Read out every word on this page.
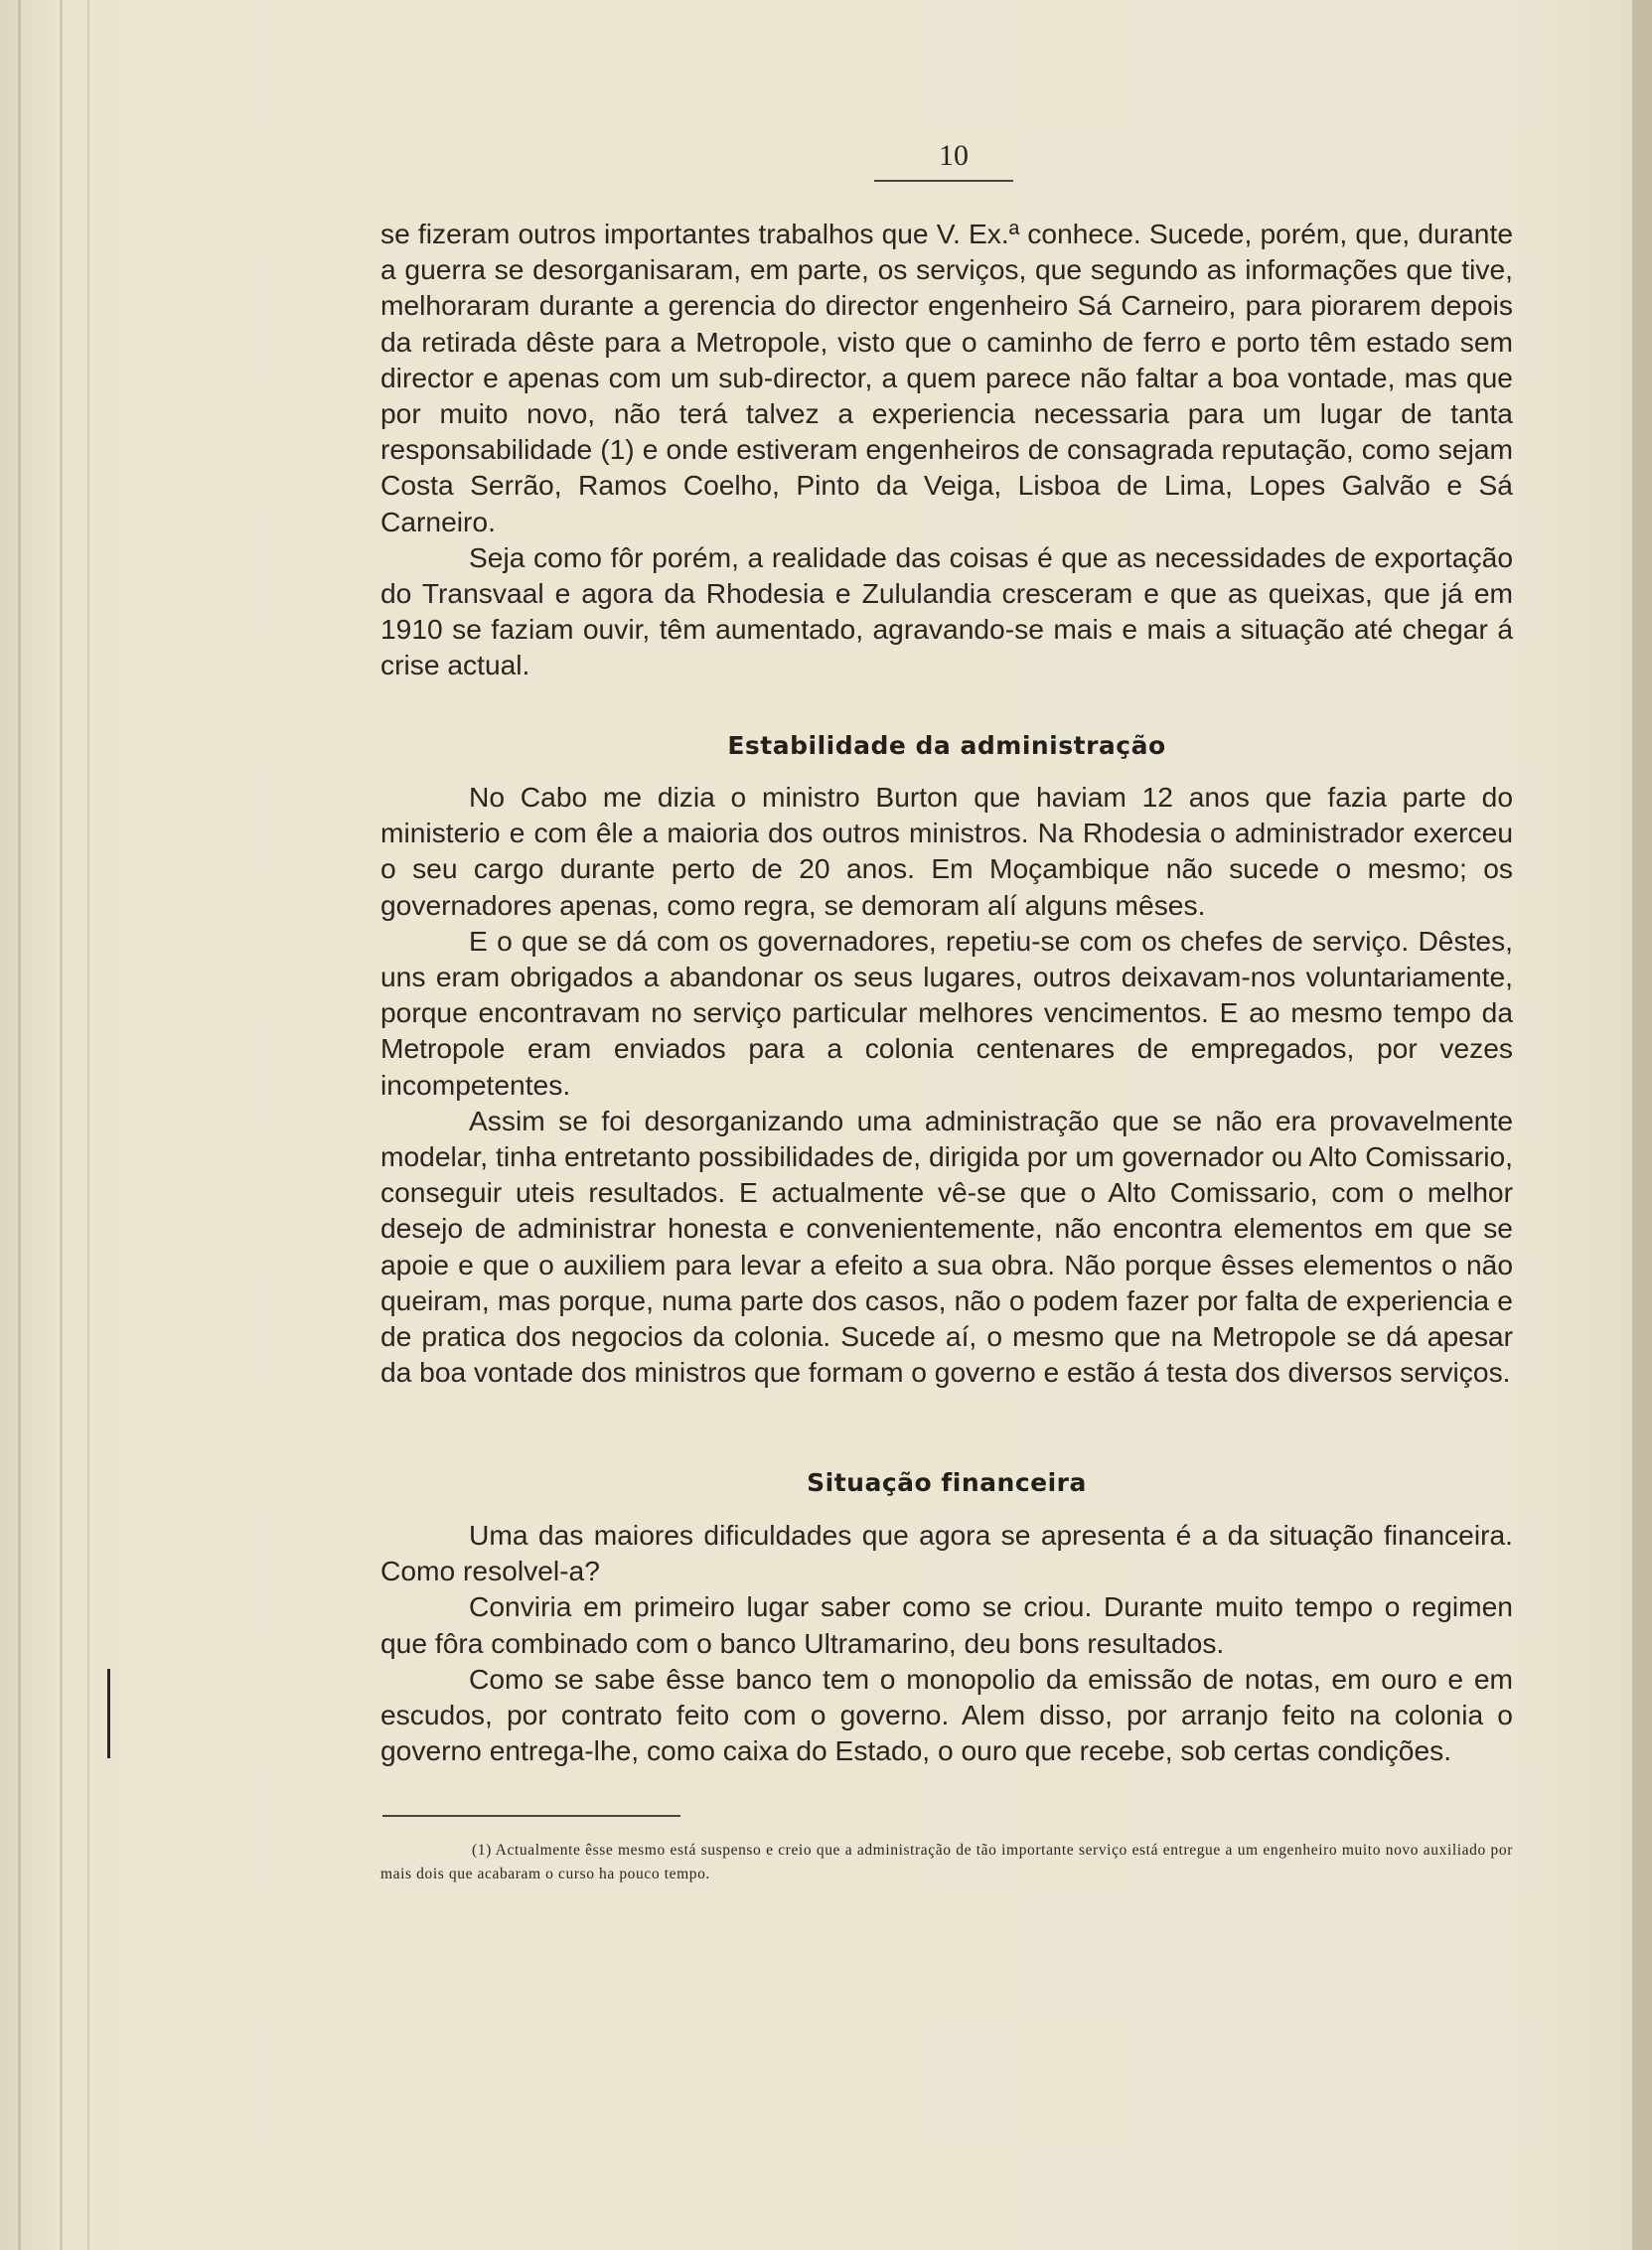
10

se fizeram outros importantes trabalhos que V. Ex.ª conhece. Sucede, porém, que, durante a guerra se desorganisaram, em parte, os serviços, que segundo as informações que tive, melhoraram durante a gerencia do director engenheiro Sá Carneiro, para piorarem depois da retirada dêste para a Metropole, visto que o caminho de ferro e porto têm estado sem director e apenas com um sub-director, a quem parece não faltar a boa vontade, mas que por muito novo, não terá talvez a experiencia necessaria para um lugar de tanta responsabilidade (1) e onde estiveram engenheiros de consagrada reputação, como sejam Costa Serrão, Ramos Coelho, Pinto da Veiga, Lisboa de Lima, Lopes Galvão e Sá Carneiro.

Seja como fôr porém, a realidade das coisas é que as necessidades de exportação do Transvaal e agora da Rhodesia e Zululandia cresceram e que as queixas, que já em 1910 se faziam ouvir, têm aumentado, agravando-se mais e mais a situação até chegar á crise actual.

Estabilidade da administração

No Cabo me dizia o ministro Burton que haviam 12 anos que fazia parte do ministerio e com êle a maioria dos outros ministros. Na Rhodesia o administrador exerceu o seu cargo durante perto de 20 anos. Em Moçambique não sucede o mesmo; os governadores apenas, como regra, se demoram alí alguns mêses.

E o que se dá com os governadores, repetiu-se com os chefes de serviço. Dêstes, uns eram obrigados a abandonar os seus lugares, outros deixavam-nos voluntariamente, porque encontravam no serviço particular melhores vencimentos. E ao mesmo tempo da Metropole eram enviados para a colonia centenares de empregados, por vezes incompetentes.

Assim se foi desorganizando uma administração que se não era provavelmente modelar, tinha entretanto possibilidades de, dirigida por um governador ou Alto Comissario, conseguir uteis resultados. E actualmente vê-se que o Alto Comissario, com o melhor desejo de administrar honesta e convenientemente, não encontra elementos em que se apoie e que o auxiliem para levar a efeito a sua obra. Não porque êsses elementos o não queiram, mas porque, numa parte dos casos, não o podem fazer por falta de experiencia e de pratica dos negocios da colonia. Sucede aí, o mesmo que na Metropole se dá apesar da boa vontade dos ministros que formam o governo e estão á testa dos diversos serviços.

Situação financeira

Uma das maiores dificuldades que agora se apresenta é a da situação financeira. Como resolvel-a?

Conviria em primeiro lugar saber como se criou. Durante muito tempo o regimen que fôra combinado com o banco Ultramarino, deu bons resultados.

Como se sabe êsse banco tem o monopolio da emissão de notas, em ouro e em escudos, por contrato feito com o governo. Alem disso, por arranjo feito na colonia o governo entrega-lhe, como caixa do Estado, o ouro que recebe, sob certas condições.

(1) Actualmente êsse mesmo está suspenso e creio que a administração de tão importante serviço está entregue a um engenheiro muito novo auxiliado por mais dois que acabaram o curso ha pouco tempo.
